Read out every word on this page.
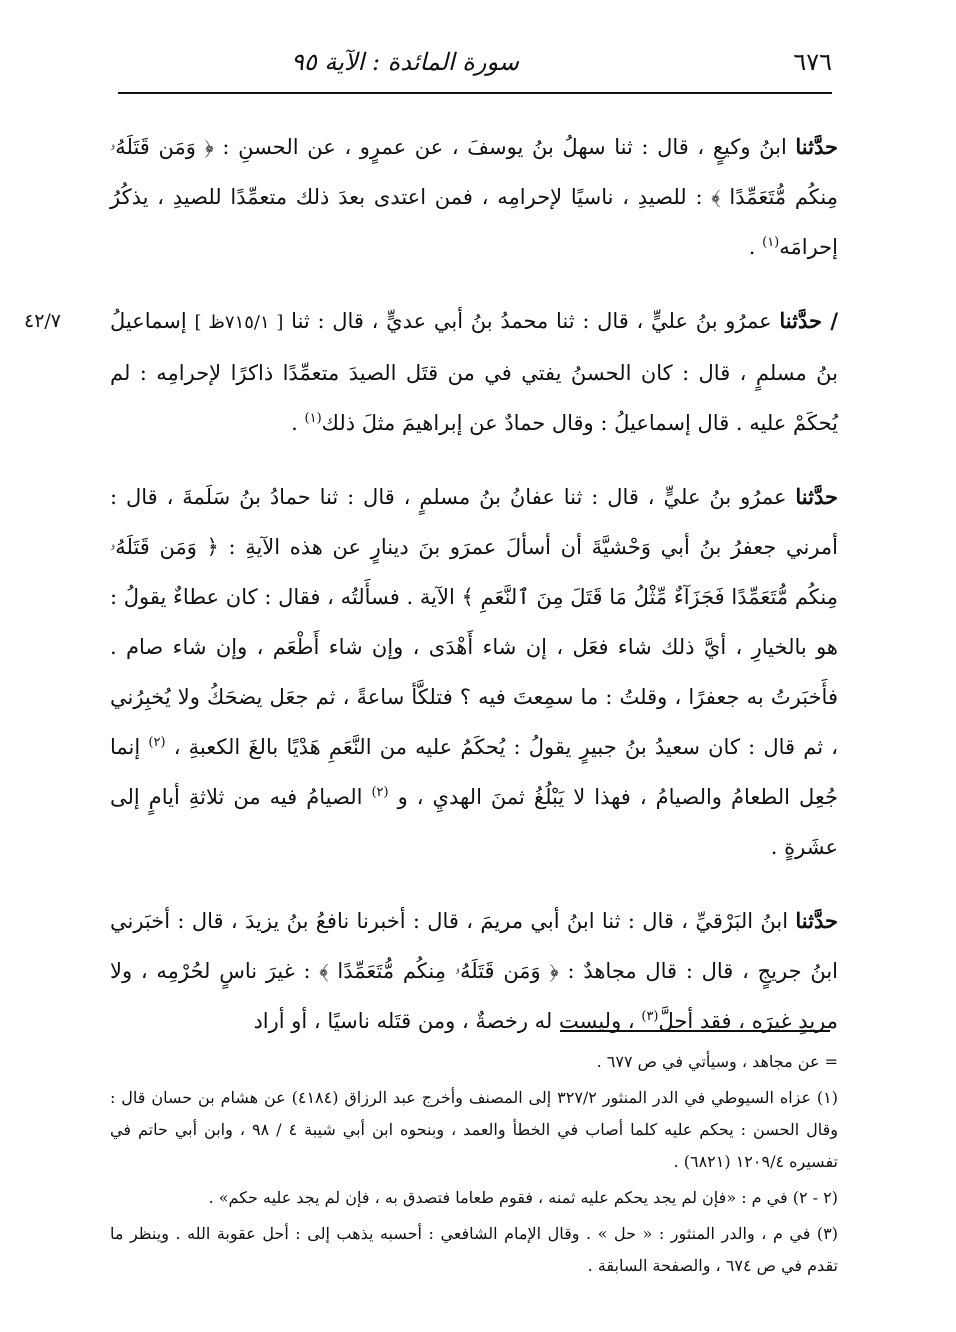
٦٧٦
سورة المائدة : الآية ٩٥

حدَّثنا ابنُ وكيعٍ ، قال : ثنا سهلُ بنُ يوسفَ ، عن عمرٍو ، عن الحسنِ : ﴿ وَمَن قَتَلَهُۥ مِنكُم مُّتَعَمِّدًا ﴾ : للصيدِ ، ناسيًا لإحرامِه ، فمن اعتدى بعدَ ذلك متعمِّدًا للصيدِ ، يذكُرُ إحرامَه$^{(١)}$ .

٤٢/٧	/ حدَّثنا عمرُو بنُ عليٍّ ، قال : ثنا محمدُ بنُ أبي عديٍّ ، قال : ثنا [ ٧١٥/١ظ ] إسماعيلُ بنُ مسلمٍ ، قال : كان الحسنُ يفتي في من قتَل الصيدَ متعمِّدًا ذاكرًا لإحرامِه : لم يُحكَمْ عليه . قال إسماعيلُ : وقال حمادٌ عن إبراهيمَ مثلَ ذلك$^{(١)}$ .

حدَّثنا عمرُو بنُ عليٍّ ، قال : ثنا عفانُ بنُ مسلمٍ ، قال : ثنا حمادُ بنُ سَلَمةَ ، قال : أمرني جعفرُ بنُ أبي وَحْشيَّةَ أن أسألَ عمرَو بنَ دينارٍ عن هذه الآيةِ : ﴿ وَمَن قَتَلَهُۥ مِنكُم مُّتَعَمِّدًا فَجَزَآءٌ مِّثْلُ مَا قَتَلَ مِنَ ٱلنَّعَمِ ﴾ الآية . فسأَلتُه ، فقال : كان عطاءٌ يقولُ : هو بالخيارِ ، أيَّ ذلك شاء فعَل ، إن شاء أَهْدَى ، وإن شاء أَطْعَم ، وإن شاء صام . فأَخبَرتُ به جعفرًا ، وقلتُ : ما سمِعتَ فيه ؟ فتلكَّأ ساعةً ، ثم جعَل يضحَكُ ولا يُخبِرُني ، ثم قال : كان سعيدُ بنُ جبيرٍ يقولُ : يُحكَمُ عليه من النَّعَمِ هَدْيًا بالغَ الكعبةِ ، $^{(٢)}$ إنما جُعِل الطعامُ والصيامُ ، فهذا لا يَبْلُغُ ثمنَ الهديِ ، و $^{(٢)}$ الصيامُ فيه من ثلاثةِ أيامٍ إلى عشَرةٍ .

حدَّثنا ابنُ البَرْقيِّ ، قال : ثنا ابنُ أبي مريمَ ، قال : أخبرنا نافعُ بنُ يزيدَ ، قال : أخبَرني ابنُ جريجٍ ، قال : قال مجاهدٌ : ﴿ وَمَن قَتَلَهُۥ مِنكُم مُّتَعَمِّدًا ﴾ : غيرَ ناسٍ لحُرْمِه ، ولا مريدٍ غيرَه ، فقد أحلَّ$^{(٣)}$ ، وليست له رخصةٌ ، ومن قتَله ناسيًا ، أو أراد

= عن مجاهد ، وسيأتي في ص ٦٧٧ .

(١) عزاه السيوطي في الدر المنثور ٣٢٧/٢ إلى المصنف وأخرج عبد الرزاق (٤١٨٤) عن هشام بن حسان قال : وقال الحسن : يحكم عليه كلما أصاب في الخطأ والعمد ، وبنحوه ابن أبي شيبة ٤ / ٩٨ ، وابن أبي حاتم في تفسيره ١٢٠٩/٤ (٦٨٢١) .

(٢ - ٢) في م : «فإن لم يجد يحكم عليه ثمنه ، فقوم طعاما فتصدق به ، فإن لم يجد عليه حكم» .

(٣) في م ، والدر المنثور : « حل » . وقال الإمام الشافعي : أحسبه يذهب إلى : أحل عقوبة الله . وينظر ما تقدم في ص ٦٧٤ ، والصفحة السابقة .
